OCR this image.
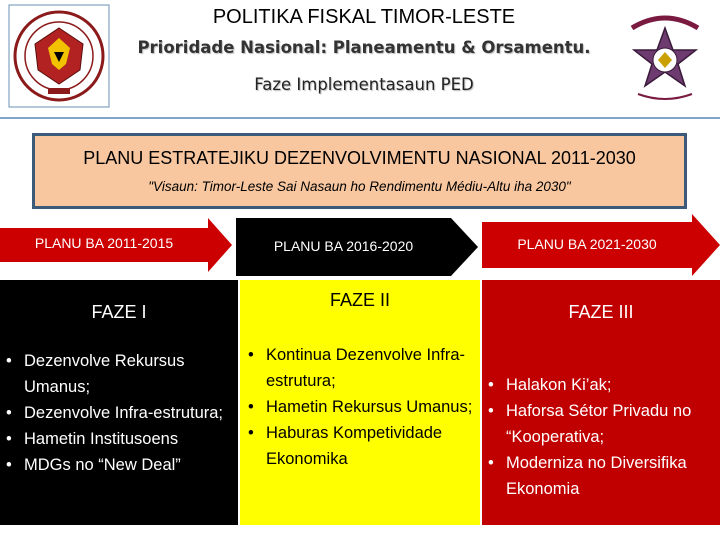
POLITIKA FISKAL TIMOR-LESTE
Prioridade Nasional: Planeamentu & Orsamentu.
Faze Implementasaun PED
PLANU ESTRATEJIKU DEZENVOLVIMENTU NASIONAL 2011-2030
"Visaun: Timor-Leste Sai Nasaun ho Rendimentu Médiu-Altu iha 2030"
PLANU BA 2011-2015	PLANU BA 2016-2020	PLANU BA 2021-2030
FAZE I
• Dezenvolve Rekursus Umanus;
• Dezenvolve Infra-estrutura;
• Hametin Institusoens
• MDGs no “New Deal”
FAZE II
• Kontinua Dezenvolve Infra-estrutura;
• Hametin Rekursus Umanus;
• Haburas Kompetividade Ekonomika
FAZE III
• Halakon Ki’ak;
• Haforsa Sétor Privadu no “Kooperativa;
• Moderniza no Diversifika Ekonomia
